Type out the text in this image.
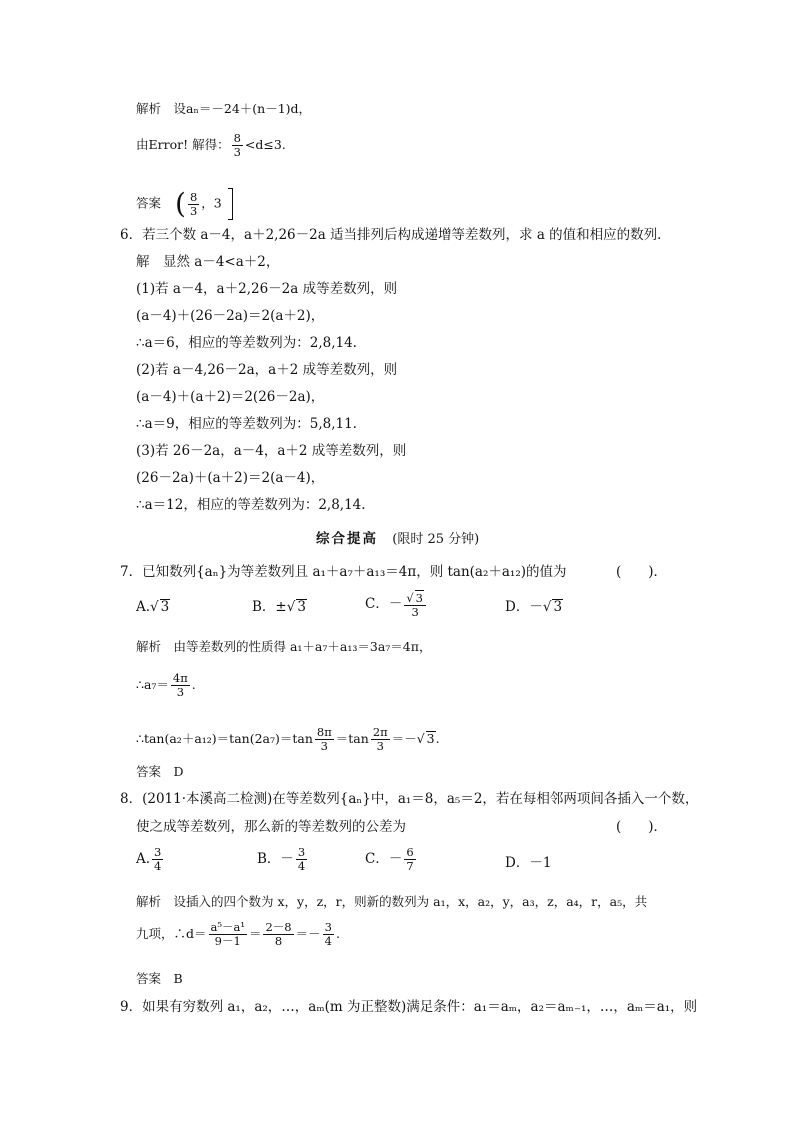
解析　设aₙ＝－24＋(n－1)d，
由Error! 解得： $\frac{8}{3} <d\le 3$.
答案 ( $\frac{8}{3}$ ，3
6．若三个数 a－4，a＋2,26－2a 适当排列后构成递增等差数列，求 a 的值和相应的数列．
解　显然 a－4<a＋2，
(1)若 a－4，a＋2,26－2a 成等差数列，则
(a－4)＋(26－2a)＝2(a＋2)，
∴a＝6，相应的等差数列为：2,8,14.
(2)若 a－4,26－2a，a＋2 成等差数列，则
(a－4)＋(a＋2)＝2(26－2a)，
∴a＝9，相应的等差数列为：5,8,11.
(3)若 26－2a，a－4，a＋2 成等差数列，则
(26－2a)＋(a＋2)＝2(a－4)，
∴a＝12，相应的等差数列为：2,8,14.
综合提高 (限时 25 分钟)
7．已知数列{aₙ}为等差数列且 a₁＋a₇＋a₁₃＝4π，则 tan(a₂＋a₁₂)的值为	(　　)．
A.√ 3	B．±√ 3	C．－ $\frac{√ 3}{3}$	D．－√ 3
解析　由等差数列的性质得 a₁＋a₇＋a₁₃＝3a₇＝4π，
∴a₇＝ $\frac{4\pi}{3}$ .
∴tan(a₂＋a₁₂)＝tan(2a₇)＝tan $\frac{8\pi}{3} =\tan \frac{2\pi}{3}$ ＝－√ 3.
答案　D
8．(2011·本溪高二检测)在等差数列{aₙ}中，a₁＝8，a₅＝2，若在每相邻两项间各插入一个数，
使之成等差数列，那么新的等差数列的公差为	(　　)．
A. $\frac{3}{4}$	B．－ $\frac{3}{4}$	C．－ $\frac{6}{7}$	D．－1
解析　设插入的四个数为 x，y，z，r，则新的数列为 a₁，x，a₂，y，a₃，z，a₄，r，a₅，共
九项，∴d＝ $\frac{\text{a⁵－a¹}}{9-1} = \frac{2-8}{8} =- \frac{3}{4}$ .
答案　B
9．如果有穷数列 a₁，a₂，…，aₘ(m 为正整数)满足条件：a₁＝aₘ，a₂＝aₘ₋₁，…，aₘ＝a₁，则
